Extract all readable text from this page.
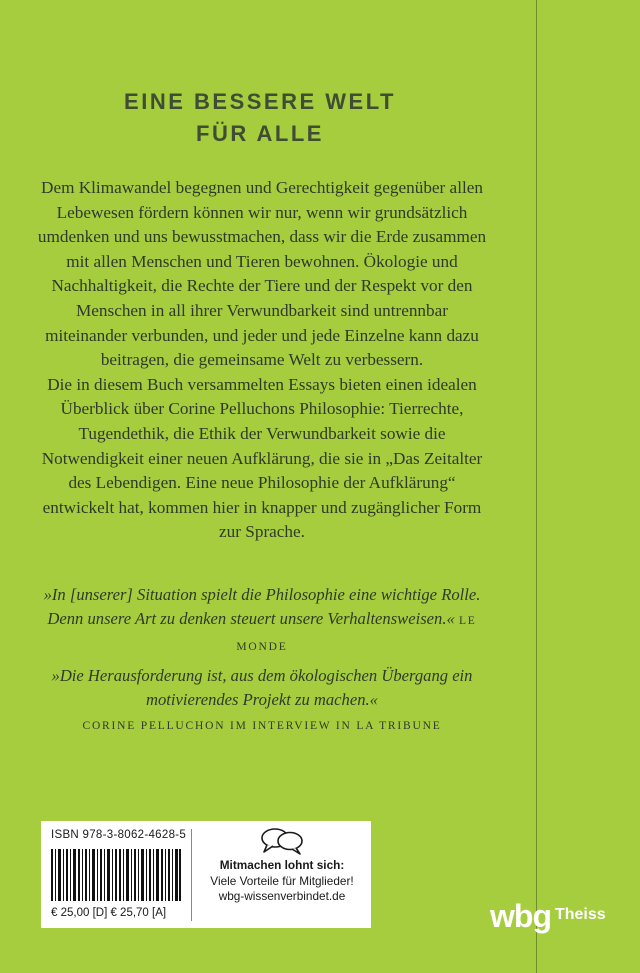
EINE BESSERE WELT
FÜR ALLE

Dem Klimawandel begegnen und Gerechtigkeit gegenüber allen Lebewesen fördern können wir nur, wenn wir grundsätzlich umdenken und uns bewusstmachen, dass wir die Erde zusammen mit allen Menschen und Tieren bewohnen. Ökologie und Nachhaltigkeit, die Rechte der Tiere und der Respekt vor den Menschen in all ihrer Verwundbarkeit sind untrennbar miteinander verbunden, und jeder und jede Einzelne kann dazu beitragen, die gemeinsame Welt zu verbessern.

Die in diesem Buch versammelten Essays bieten einen idealen Überblick über Corine Pelluchons Philosophie: Tierrechte, Tugendethik, die Ethik der Verwundbarkeit sowie die Notwendigkeit einer neuen Aufklärung, die sie in „Das Zeitalter des Lebendigen. Eine neue Philosophie der Aufklärung“ entwickelt hat, kommen hier in knapper und zugänglicher Form zur Sprache.

»In [unserer] Situation spielt die Philosophie eine wichtige Rolle. Denn unsere Art zu denken steuert unsere Verhaltensweisen.« LE MONDE
»Die Herausforderung ist, aus dem ökologischen Übergang ein motivierendes Projekt zu machen.«
CORINE PELLUCHON IM INTERVIEW IN LA TRIBUNE
ISBN 978-3-8062-4628-5
€ 25,00 [D] € 25,70 [A]
Mitmachen lohnt sich:
Viele Vorteile für Mitglieder!
wbg-wissenverbindet.de
wbg Theiss
